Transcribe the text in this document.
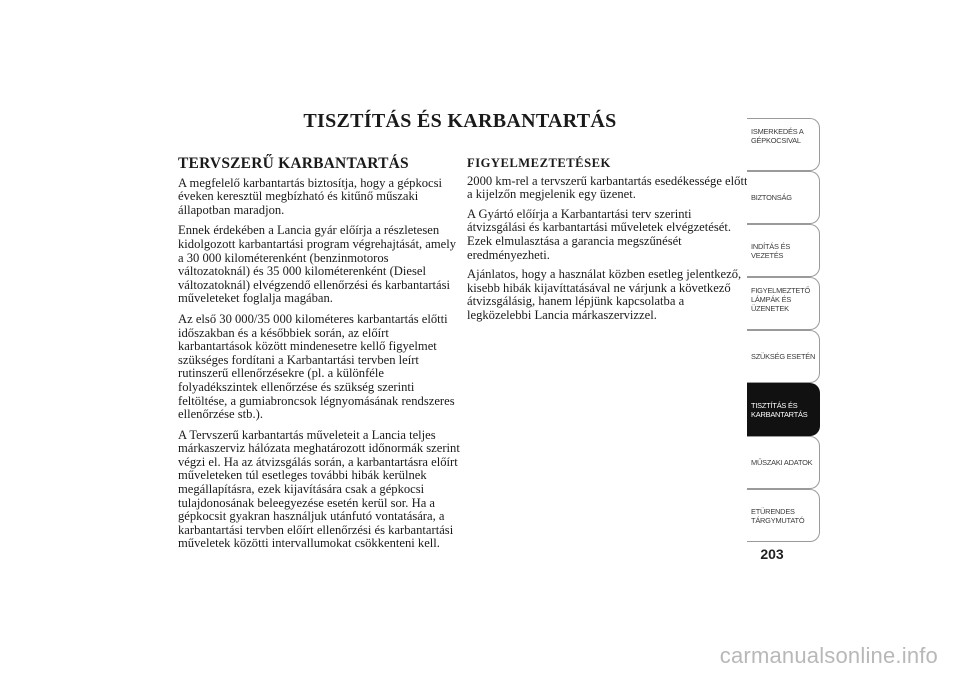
TISZTÍTÁS ÉS KARBANTARTÁS
TERVSZERŰ KARBANTARTÁS

A megfelelő karbantartás biztosítja, hogy a gépkocsi éveken keresztül megbízható és kitűnő műszaki állapotban maradjon.

Ennek érdekében a Lancia gyár előírja a részletesen kidolgozott karbantartási program végrehajtását, amely a 30 000 kilométerenként (benzinmotoros változatoknál) és 35 000 kilométerenként (Diesel változatoknál) elvégzendő ellenőrzési és karbantartási műveleteket foglalja magában.

Az első 30 000/35 000 kilométeres karbantartás előtti időszakban és a későbbiek során, az előírt karbantartások között mindenesetre kellő figyelmet szükséges fordítani a Karbantartási tervben leírt rutinszerű ellenőrzésekre (pl. a különféle folyadékszintek ellenőrzése és szükség szerinti feltöltése, a gumiabroncsok légnyomásának rendszeres ellenőrzése stb.).

A Tervszerű karbantartás műveleteit a Lancia teljes márkaszerviz hálózata meghatározott időnormák szerint végzi el. Ha az átvizsgálás során, a karbantartásra előírt műveleteken túl esetleges további hibák kerülnek megállapításra, ezek kijavítására csak a gépkocsi tulajdonosának beleegyezése esetén kerül sor. Ha a gépkocsit gyakran használjuk utánfutó vontatására, a karbantartási tervben előírt ellenőrzési és karbantartási műveletek közötti intervallumokat csökkenteni kell.

FIGYELMEZTETÉSEK

2000 km-rel a tervszerű karbantartás esedékessége előtt a kijelzőn megjelenik egy üzenet.

A Gyártó előírja a Karbantartási terv szerinti átvizsgálási és karbantartási műveletek elvégzetését. Ezek elmulasztása a garancia megszűnését eredményezheti.

Ajánlatos, hogy a használat közben esetleg jelentkező, kisebb hibák kijavíttatásával ne várjunk a következő átvizsgálásig, hanem lépjünk kapcsolatba a legközelebbi Lancia márkaszervizzel.

ISMERKEDÉS A GÉPKOCSIVAL
BIZTONSÁG
INDÍTÁS ÉS VEZETÉS
FIGYELMEZTETŐ LÁMPÁK ÉS ÜZENETEK
SZÜKSÉG ESETÉN
TISZTÍTÁS ÉS KARBANTARTÁS
MŰSZAKI ADATOK
ETÜRENDES TÁRGYMUTATÓ
203
carmanualsonline.info
